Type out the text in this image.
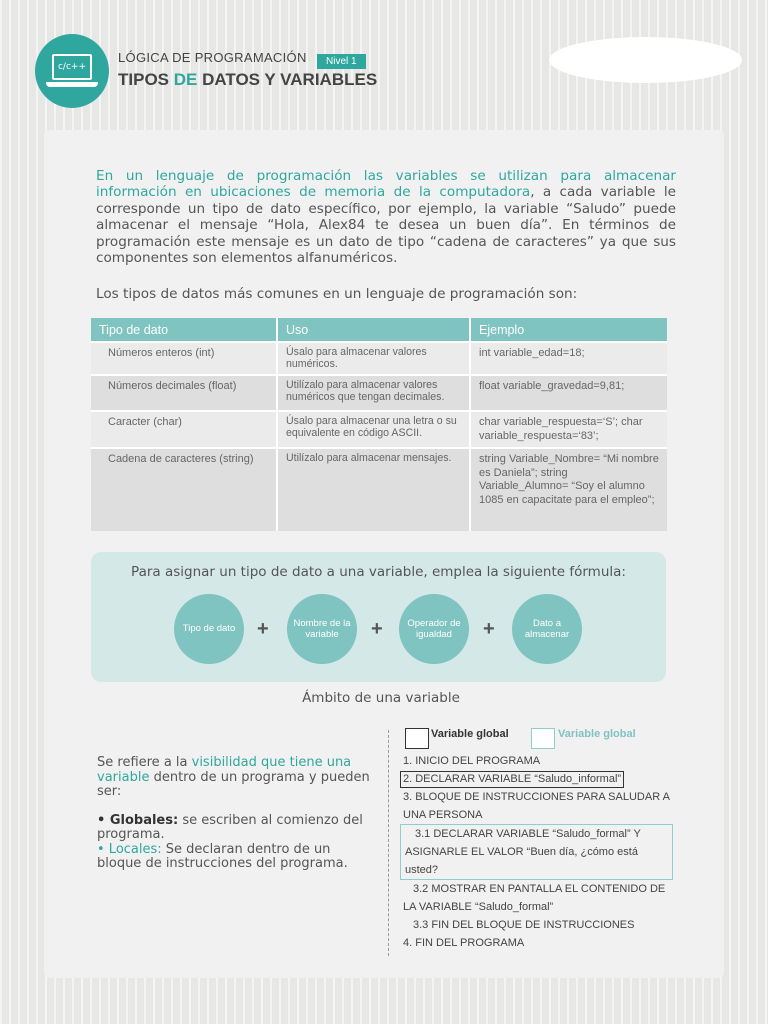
c/c++
LÓGICA DE PROGRAMACIÓN	Nivel 1
TIPOS DE DATOS Y VARIABLES
En un lenguaje de programación las variables se utilizan para almacenar información en ubicaciones de memoria de la computadora, a cada variable le corresponde un tipo de dato específico, por ejemplo, la variable “Saludo” puede almacenar el mensaje “Hola, Alex84 te desea un buen día”. En términos de programación este mensaje es un dato de tipo “cadena de caracteres” ya que sus componentes son elementos alfanuméricos.
Los tipos de datos más comunes en un lenguaje de programación son:
Tipo de dato	Uso	Ejemplo
Números enteros (int)	Úsalo para almacenar valores numéricos.	int variable_edad=18;
Números decimales (float)	Utilízalo para almacenar valores numéricos que tengan decimales.	float variable_gravedad=9,81;
Caracter (char)	Úsalo para almacenar una letra o su equivalente en código ASCII.	char variable_respuesta=‘S’; char variable_respuesta=‘83’;
Cadena de caracteres (string)	Utilízalo para almacenar mensajes.	string Variable_Nombre= “Mi nombre es Daniela”; string Variable_Alumno= “Soy el alumno 1085 en capacitate para el empleo”;
Para asignar un tipo de dato a una variable, emplea la siguiente fórmula:
Tipo de dato	+	Nombre de la variable	+	Operador de igualdad	+	Dato a almacenar
Ámbito de una variable

Se refiere a la visibilidad que tiene una variable dentro de un programa y pueden ser:

• Globales: se escriben al comienzo del programa.
• Locales: Se declaran dentro de un bloque de instrucciones del programa.
Variable global	Variable global
1. INICIO DEL PROGRAMA
2. DECLARAR VARIABLE “Saludo_informal”
3. BLOQUE DE INSTRUCCIONES PARA SALUDAR A UNA PERSONA
3.1 DECLARAR VARIABLE “Saludo_formal” Y ASIGNARLE EL VALOR “Buen día, ¿cómo está usted?
3.2 MOSTRAR EN PANTALLA EL CONTENIDO DE LA VARIABLE “Saludo_formal”
3.3 FIN DEL BLOQUE DE INSTRUCCIONES
4. FIN DEL PROGRAMA
